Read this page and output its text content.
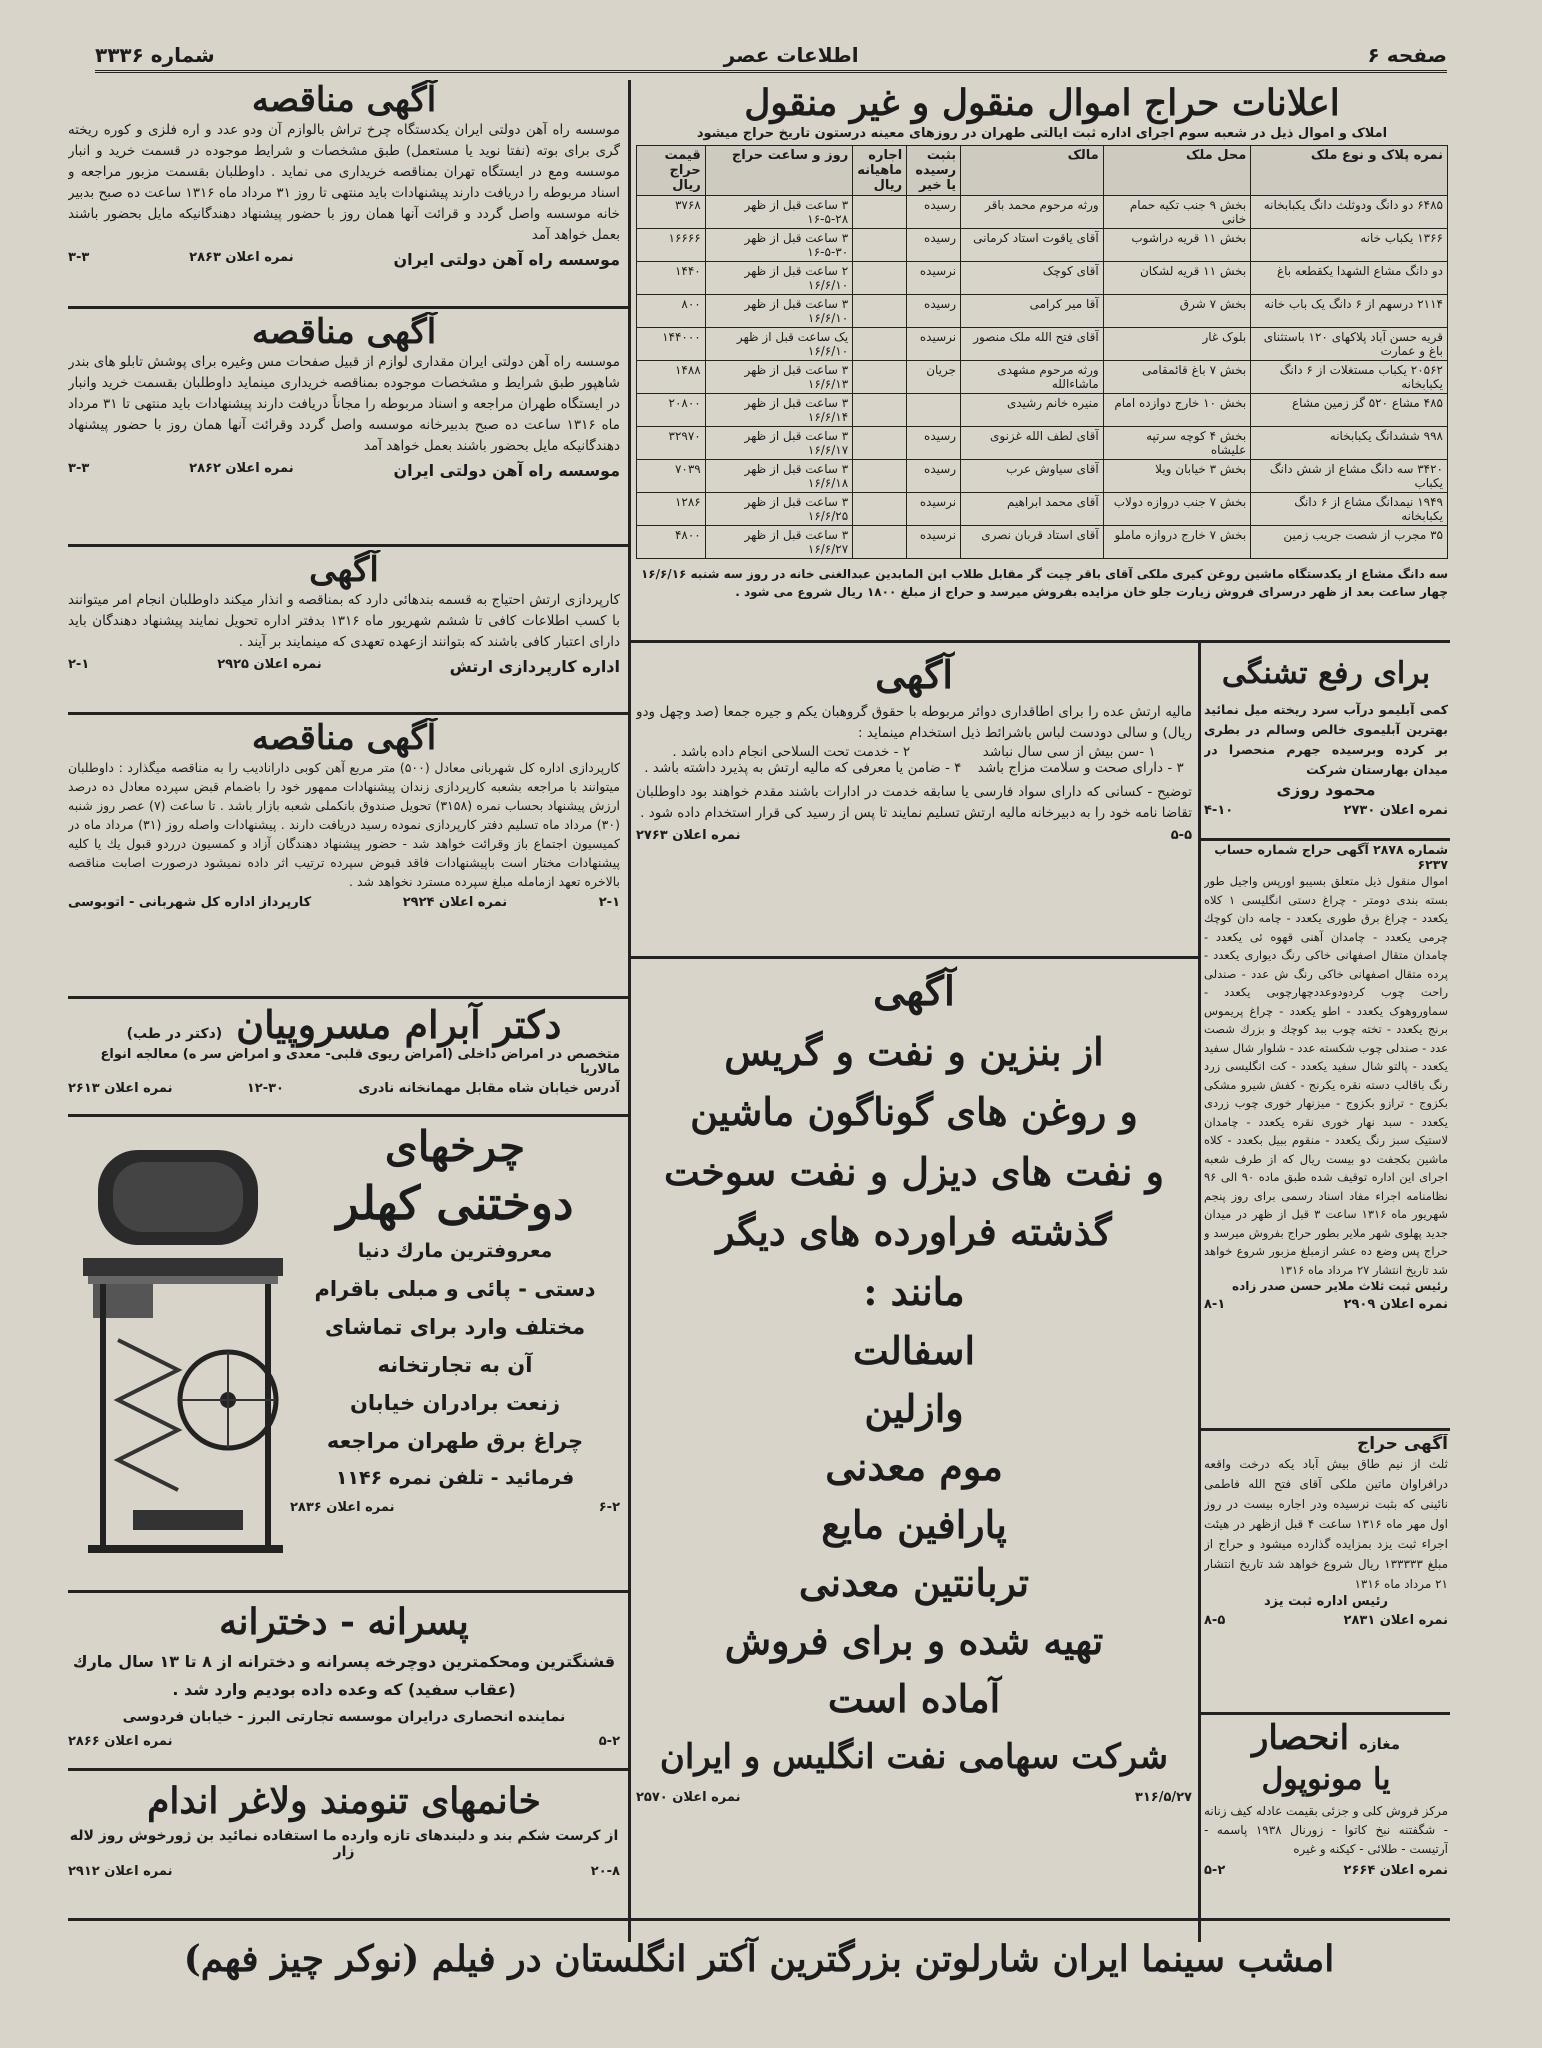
شماره ۳۳۳۶	اطلاعات عصر	صفحه ۶
اعلانات حراج اموال منقول و غیر منقول
املاک و اموال ذیل در شعبه سوم اجرای اداره ثبت ایالتی طهران در روزهای معینه درستون تاریخ حراج میشود
نمره پلاک و نوع ملک	محل ملک	مالک	بثبت رسیده یا خیر	اجاره ماهیانه ریال	روز و ساعت حراج	قیمت حراج ریال
۶۴۸۵ دو دانگ ودوثلث دانگ یکبابخانه	بخش ۹ جنب تکیه حمام خانی	ورثه مرحوم محمد باقر	رسیده		۳ ساعت قبل از ظهر ۲۸-۵-۱۶	۳۷۶۸
۱۳۶۶ یکباب خانه	بخش ۱۱ قریه دراشوب	آقای یاقوت استاد کرمانی	رسیده		۳ ساعت قبل از ظهر ۳۰-۵-۱۶	۱۶۶۶۶
دو دانگ مشاع الشهدا یکقطعه باغ	بخش ۱۱ قریه لشکان	آقای کوچک	نرسیده		۲ ساعت قبل از ظهر ۱۶/۶/۱۰	۱۴۴۰
۲۱۱۴ درسهم از ۶ دانگ یک باب خانه	بخش ۷ شرق	آقا میر کرامی	رسیده		۳ ساعت قبل از ظهر ۱۶/۶/۱۰	۸۰۰
قریه حسن آباد پلاکهای ۱۲۰ باستثنای باغ و عمارت	بلوک غار	آقای فتح الله ملک منصور	نرسیده		یک ساعت قبل از ظهر ۱۶/۶/۱۰	۱۴۴۰۰۰
۲۰۵۶۲ یکباب مستغلات از ۶ دانگ یکبابخانه	بخش ۷ باغ قائمقامی	ورثه مرحوم مشهدی ماشاءالله	جریان		۳ ساعت قبل از ظهر ۱۶/۶/۱۳	۱۴۸۸
۴۸۵ مشاع ۵۲۰ گز زمین مشاع	بخش ۱۰ خارج دوازده امام	منیره خانم رشیدی			۳ ساعت قبل از ظهر ۱۶/۶/۱۴	۲۰۸۰۰
۹۹۸ ششدانگ یکبابخانه	بخش ۴ کوچه سرتپه علیشاه	آقای لطف الله غزنوی	رسیده		۳ ساعت قبل از ظهر ۱۶/۶/۱۷	۳۲۹۷۰
۳۴۲۰ سه دانگ مشاع از شش دانگ یکباب	بخش ۳ خیابان ویلا	آقای سیاوش عرب	رسیده		۳ ساعت قبل از ظهر ۱۶/۶/۱۸	۷۰۳۹
۱۹۴۹ نیمدانگ مشاع از ۶ دانگ یکبابخانه	بخش ۷ جنب دروازه دولاب	آقای محمد ابراهیم	نرسیده		۳ ساعت قبل از ظهر ۱۶/۶/۲۵	۱۲۸۶
۳۵ مجرب از شصت جریب زمین	بخش ۷ خارج دروازه ماملو	آقای استاد قربان نصری	نرسیده		۳ ساعت قبل از ظهر ۱۶/۶/۲۷	۴۸۰۰
سه دانگ مشاع از یکدستگاه ماشین روغن کیری ملکی آقای باقر چیت گر مقابل طلاب ابن المابدین عبدالغنی خانه در روز سه شنبه ۱۶/۶/۱۶ چهار ساعت بعد از ظهر درسرای فروش زیارت جلو خان مزایده بفروش میرسد و حراج از مبلغ ۱۸۰۰ ریال شروع می شود .
آگهی مناقصه
موسسه راه آهن دولتی ایران یکدستگاه چرخ تراش بالوازم آن ودو عدد و اره فلزی و کوره ریخته گری برای بوته (نفتا نوید یا مستعمل) طبق مشخصات و شرایط موجوده در قسمت خرید و انبار موسسه ومع در ایستگاه تهران بمناقصه خریداری می نماید . داوطلبان بقسمت مزبور مراجعه و اسناد مربوطه را دریافت دارند پیشنهادات باید منتهی تا روز ۳۱ مرداد ماه ۱۳۱۶ ساعت ده صبح بدبیر خانه موسسه واصل گردد و قرائت آنها همان روز با حضور پیشنهاد دهندگانیکه مایل بحضور باشند بعمل خواهد آمد
موسسه راه آهن دولتی ایران
نمره اعلان ۲۸۶۳
۳-۳
آگهی مناقصه
موسسه راه آهن دولتی ایران مقداری لوازم از قبیل صفحات مس وغیره برای پوشش تابلو های بندر شاهپور طبق شرایط و مشخصات موجوده بمناقصه خریداری مینماید داوطلبان بقسمت خرید وانبار در ایستگاه طهران مراجعه و اسناد مربوطه را مجاناً دریافت دارند پیشنهادات باید منتهی تا ۳۱ مرداد ماه ۱۳۱۶ ساعت ده صبح بدبیرخانه موسسه واصل گردد وقرائت آنها همان روز با حضور پیشنهاد دهندگانیکه مایل بحضور باشند بعمل خواهد آمد
موسسه راه آهن دولتی ایران
نمره اعلان ۲۸۶۲
۳-۳
آگهی
کارپردازی ارتش احتیاج به قسمه بندهائی دارد که بمناقصه و انذار میکند داوطلبان انجام امر میتوانند با کسب اطلاعات کافی تا ششم شهریور ماه ۱۳۱۶ بدفتر اداره تحویل نمایند پیشنهاد دهندگان باید دارای اعتبار کافی باشند که بتوانند ازعهده تعهدی که مینمایند بر آیند .
اداره کارپردازی ارتش
نمره اعلان ۲۹۲۵
۲-۱
آگهی مناقصه
کارپردازی اداره کل شهربانی معادل (۵۰۰) متر مربع آهن کوبی دارانادیب را به مناقصه میگذارد : داوطلبان میتوانند با مراجعه بشعبه کارپردازی زندان پیشنهادات ممهور خود را باضمام قبض سپرده معادل ده درصد ارزش پیشنهاد بحساب نمره (۳۱۵۸) تحویل صندوق بانکملی شعبه بازار باشد . تا ساعت (۷) عصر روز شنبه (۳۰) مرداد ماه تسلیم دفتر کارپردازی نموده رسید دریافت دارند . پیشنهادات واصله روز (۳۱) مرداد ماه در کمیسیون اجتماع باز وقرائت خواهد شد - حضور پیشنهاد دهندگان آزاد و کمسیون درردو قبول یك یا كلیه پیشنهادات مختار است باپیشنهادات فاقد قبوض سپرده ترتیب اثر داده نمیشود درصورت اصابت مناقصه بالاخره تعهد ازمامله مبلغ سپرده مسترد نخواهد شد .
۲-۱
نمره اعلان ۲۹۲۴
کارپرداز اداره کل شهربانی - اتوبوسی
دکتر آبرام مسروپیان
(دکتر در طب)
متخصص در امراض داخلی (امراض ریوی قلبی- معدی و امراض سر ه) معالجه انواع مالاریا
آدرس خیابان شاه مقابل مهمانخانه نادری
۱۲-۳۰
نمره اعلان ۲۶۱۳
چرخهای
دوختنی کهلر
معروفترین مارك دنیا
دستی - پائی و مبلی باقرام
مختلف وارد برای تماشای
آن به تجارتخانه
زنعت برادران خیابان
چراغ برق طهران مراجعه
فرمائید - تلفن نمره ۱۱۴۶
۶-۲
نمره اعلان ۲۸۳۶
پسرانه - دخترانه
قشنگترین ومحکمترین دوچرخه پسرانه و دخترانه از ۸ تا ۱۳ سال مارك (عقاب سفید) که وعده داده بودیم وارد شد .
نماینده انحصاری درایران موسسه تجارتی البرز - خیابان فردوسی
۵-۲
نمره اعلان ۲۸۶۶
خانمهای تنومند ولاغر اندام
از کرست شکم بند و دلبندهای تازه وارده ما استفاده نمائید بن ژورخوش روز لاله زار
۲۰-۸
نمره اعلان ۲۹۱۲
آگهی
مالیه ارتش عده را برای اطاقداری دوائر مربوطه با حقوق گروهبان یکم و جیره جمعا (صد وچهل ودو ریال) و سالی دودست لباس باشرائط ذیل استخدام مینماید :
۱ -سن بیش از سی سال نباشد
۲ - خدمت تحت السلاحی انجام داده باشد .
۳ - دارای صحت و سلامت مزاج باشد
۴ - ضامن یا معرفی که مالیه ارتش به پذیرد داشته باشد .
توضیح - کسانی که دارای سواد فارسی یا سابقه خدمت در ادارات باشند مقدم خواهند بود داوطلبان تقاضا نامه خود را به دبیرخانه مالیه ارتش تسلیم نمایند تا پس از رسید کی قرار استخدام داده شود .
۵-۵
نمره اعلان ۲۷۶۳
آگهی
از بنزین و نفت و گریس
و روغن های گوناگون ماشین
و نفت های دیزل و نفت سوخت
گذشته فراورده های دیگر
مانند :
اسفالت
وازلین
موم معدنی
پارافین مایع
تربانتین معدنی
تهیه شده و برای فروش
آماده است
شرکت سهامی نفت انگلیس و ایران
۳۱۶/۵/۲۷
نمره اعلان ۲۵۷۰
برای رفع تشنگی
کمی آبلیمو درآب سرد ریخته میل نمائید بهترین آبلیموی خالص وسالم در بطری بر کرده وبرسیده جهرم منحصرا در میدان بهارستان شرکت
محمود روزی
نمره اعلان ۲۷۳۰
۴-۱۰
شماره ۲۸۷۸ آگهی حراج شماره حساب ۶۲۳۷
اموال منقول ذیل متعلق بسیبو اورپس واجیل طور بسته بندی دومتر - چراغ دستی انگلیسی ۱ کلاه یکعدد - چراغ برق طوری یکعدد - چامه دان کوچك چرمی یکعدد - چامدان آهنی قهوه ئی یکعدد - چامدان متقال اصفهانی خاکی رنگ دیواری یکعدد - پرده متقال اصفهانی خاکی رنگ ش عدد - صندلی راحت چوب کردودوعددچهارچوبی یکعدد - سماوروهوک یکعدد - اطو یکعدد - چراغ پریموس برنج یکعدد - تخته چوب ببد کوچك و بزرك شصت عدد - صندلی چوب شکسته عدد - شلوار شال سفید یکعدد - پالتو شال سفید یکعدد - کت انگلیسی زرد رنگ باقالب دسته نقره یکرنج - کفش شیرو مشکی بکزوج - ترازو بکزوج - میزنهار خوری چوب زردی یکعدد - سبد نهار خوری نقره یکعدد - چامدان لاستیک سبز رنگ یکعدد - منقوم ببیل بکعدد - کلاه ماشین بکجفت دو بیست ریال که از طرف شعبه اجرای این اداره توقیف شده طبق ماده ۹۰ الی ۹۶ نظامنامه اجراء مفاد اسناد رسمی برای روز پنجم شهریور ماه ۱۳۱۶ ساعت ۳ قبل از ظهر در میدان جدید پهلوی شهر ملایر بطور حراج بفروش میرسد و حراج پس وضع ده عشر ازمبلغ مزبور شروع خواهد شد تاریخ انتشار ۲۷ مرداد ماه ۱۳۱۶
رئیس ثبت ثلاث ملایر حسن صدر زاده
نمره اعلان ۲۹۰۹
۸-۱
آگهی حراج
ثلث از نیم طاق بیش آباد یکه درخت واقعه درافراوان ماتین ملکی آقای فتح الله فاطمی نائینی که بثبت نرسیده ودر اجاره بیست در روز اول مهر ماه ۱۳۱۶ ساعت ۴ قبل ازظهر در هیئت اجراء ثبت یزد بمزایده گذارده میشود و حراج از مبلغ ۱۳۳۳۳۳ ریال شروع خواهد شد تاریخ انتشار ۲۱ مرداد ماه ۱۳۱۶
رئیس اداره ثبت یزد
نمره اعلان ۲۸۳۱
۸-۵
مغازه
انحصار
یا مونوپول
مرکز فروش کلی و جزئی بقیمت عادله کیف زنانه - شگفتنه نبخ کاتوا - زورنال ۱۹۳۸ پاسمه - آرتیست - طلائی - کیکنه و غیره
نمره اعلان ۲۶۶۴
۵-۲
امشب سینما ایران شارلوتن بزرگترین آکتر انگلستان در فیلم (نوکر چیز فهم)
